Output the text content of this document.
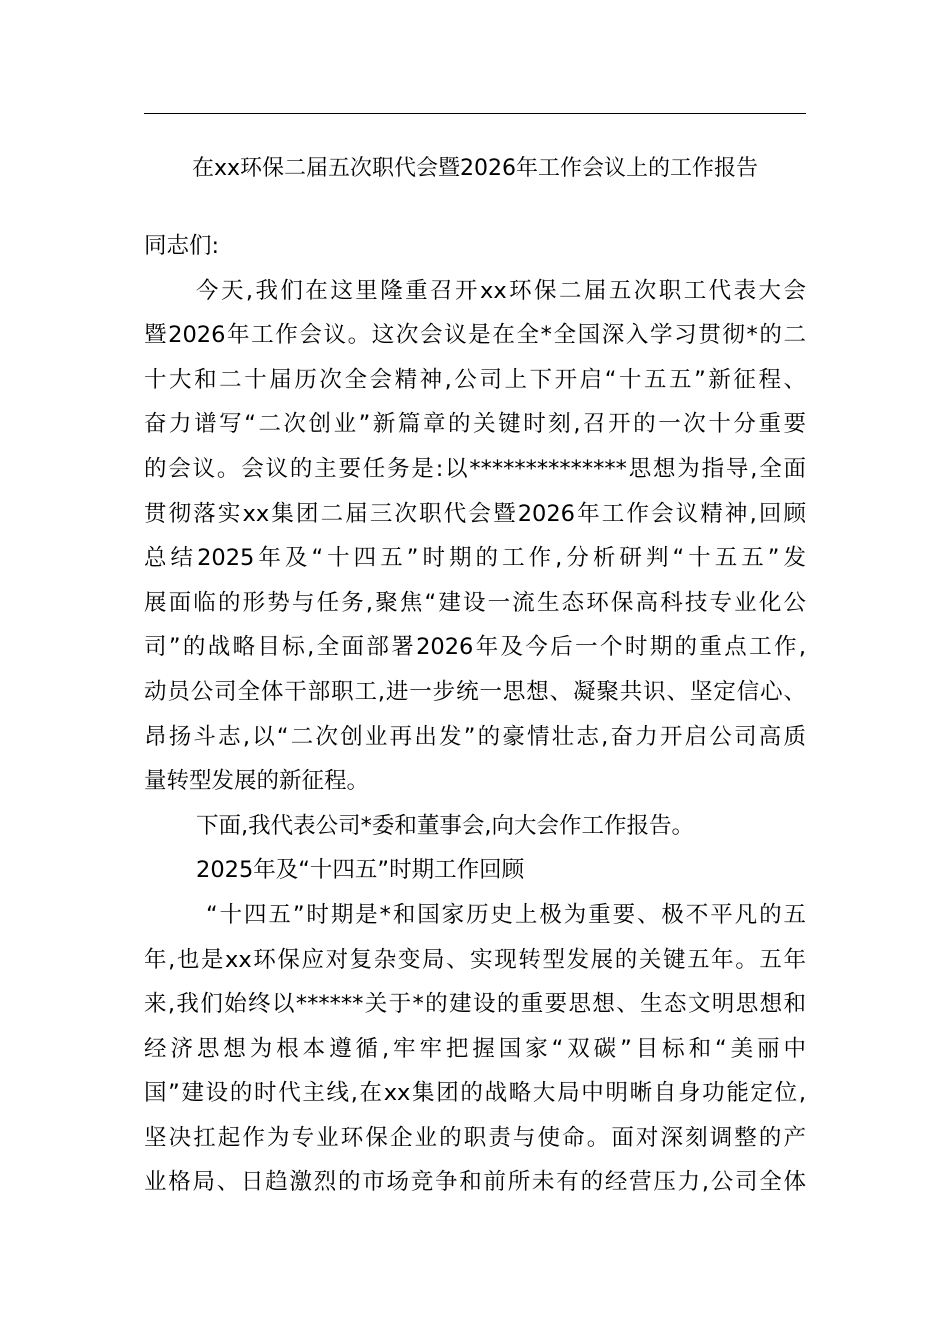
在xx环保二届五次职代会暨2026年工作会议上的工作报告
同志们:
今天,我们在这里隆重召开xx环保二届五次职工代表大会
暨2026年工作会议。这次会议是在全*全国深入学习贯彻*的二
十大和二十届历次全会精神,公司上下开启“十五五”新征程、
奋力谱写“二次创业”新篇章的关键时刻,召开的一次十分重要
的会议。会议的主要任务是:以**************思想为指导,全面
贯彻落实xx集团二届三次职代会暨2026年工作会议精神,回顾
总结2025年及“十四五”时期的工作,分析研判“十五五”发
展面临的形势与任务,聚焦“建设一流生态环保高科技专业化公
司”的战略目标,全面部署2026年及今后一个时期的重点工作,
动员公司全体干部职工,进一步统一思想、凝聚共识、坚定信心、
昂扬斗志,以“二次创业再出发”的豪情壮志,奋力开启公司高质
量转型发展的新征程。
下面,我代表公司*委和董事会,向大会作工作报告。
2025年及“十四五”时期工作回顾
“十四五”时期是*和国家历史上极为重要、极不平凡的五
年,也是xx环保应对复杂变局、实现转型发展的关键五年。五年
来,我们始终以******关于*的建设的重要思想、生态文明思想和
经济思想为根本遵循,牢牢把握国家“双碳”目标和“美丽中
国”建设的时代主线,在xx集团的战略大局中明晰自身功能定位,
坚决扛起作为专业环保企业的职责与使命。面对深刻调整的产
业格局、日趋激烈的市场竞争和前所未有的经营压力,公司全体
